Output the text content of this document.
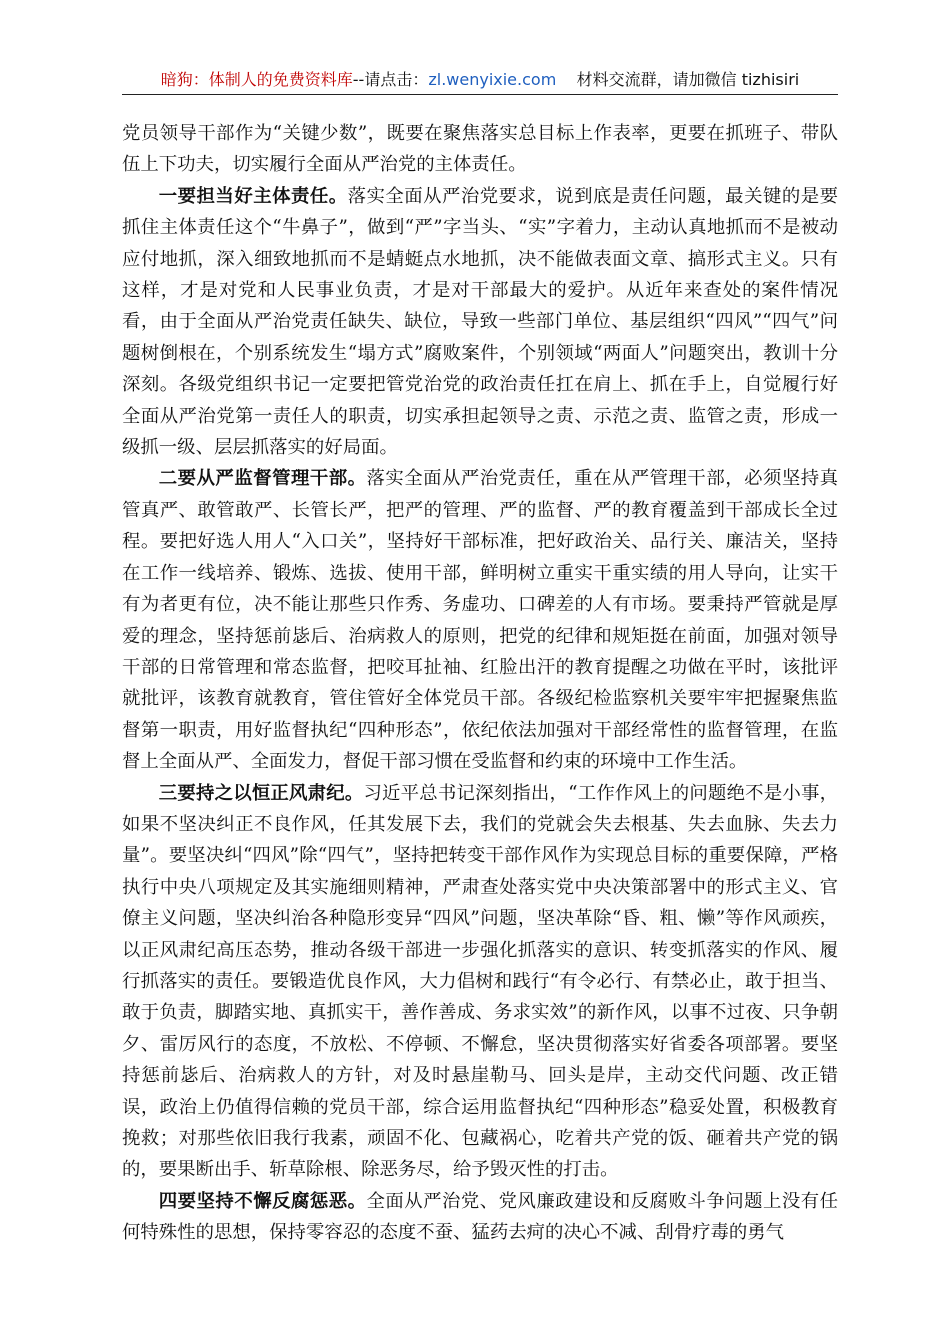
暗狗：体制人的免费资料库--请点击：zl.wenyixie.com 材料交流群，请加微信 tizhisiri

党员领导干部作为“关键少数”，既要在聚焦落实总目标上作表率，更要在抓班子、带队伍上下功夫，切实履行全面从严治党的主体责任。

一要担当好主体责任。落实全面从严治党要求，说到底是责任问题，最关键的是要抓住主体责任这个“牛鼻子”，做到“严”字当头、“实”字着力，主动认真地抓而不是被动应付地抓，深入细致地抓而不是蜻蜓点水地抓，决不能做表面文章、搞形式主义。只有这样，才是对党和人民事业负责，才是对干部最大的爱护。从近年来查处的案件情况看，由于全面从严治党责任缺失、缺位，导致一些部门单位、基层组织“四风”“四气”问题树倒根在，个别系统发生“塌方式”腐败案件，个别领域“两面人”问题突出，教训十分深刻。各级党组织书记一定要把管党治党的政治责任扛在肩上、抓在手上，自觉履行好全面从严治党第一责任人的职责，切实承担起领导之责、示范之责、监管之责，形成一级抓一级、层层抓落实的好局面。

二要从严监督管理干部。落实全面从严治党责任，重在从严管理干部，必须坚持真管真严、敢管敢严、长管长严，把严的管理、严的监督、严的教育覆盖到干部成长全过程。要把好选人用人“入口关”，坚持好干部标准，把好政治关、品行关、廉洁关，坚持在工作一线培养、锻炼、选拔、使用干部，鲜明树立重实干重实绩的用人导向，让实干有为者更有位，决不能让那些只作秀、务虚功、口碑差的人有市场。要秉持严管就是厚爱的理念，坚持惩前毖后、治病救人的原则，把党的纪律和规矩挺在前面，加强对领导干部的日常管理和常态监督，把咬耳扯袖、红脸出汗的教育提醒之功做在平时，该批评就批评，该教育就教育，管住管好全体党员干部。各级纪检监察机关要牢牢把握聚焦监督第一职责，用好监督执纪“四种形态”，依纪依法加强对干部经常性的监督管理，在监督上全面从严、全面发力，督促干部习惯在受监督和约束的环境中工作生活。

三要持之以恒正风肃纪。习近平总书记深刻指出，“工作作风上的问题绝不是小事，如果不坚决纠正不良作风，任其发展下去，我们的党就会失去根基、失去血脉、失去力量”。要坚决纠“四风”除“四气”，坚持把转变干部作风作为实现总目标的重要保障，严格执行中央八项规定及其实施细则精神，严肃查处落实党中央决策部署中的形式主义、官僚主义问题，坚决纠治各种隐形变异“四风”问题，坚决革除“昏、粗、懒”等作风顽疾，以正风肃纪高压态势，推动各级干部进一步强化抓落实的意识、转变抓落实的作风、履行抓落实的责任。要锻造优良作风，大力倡树和践行“有令必行、有禁必止，敢于担当、敢于负责，脚踏实地、真抓实干，善作善成、务求实效”的新作风，以事不过夜、只争朝夕、雷厉风行的态度，不放松、不停顿、不懈怠，坚决贯彻落实好省委各项部署。要坚持惩前毖后、治病救人的方针，对及时悬崖勒马、回头是岸，主动交代问题、改正错误，政治上仍值得信赖的党员干部，综合运用监督执纪“四种形态”稳妥处置，积极教育挽救；对那些依旧我行我素，顽固不化、包藏祸心，吃着共产党的饭、砸着共产党的锅的，要果断出手、斩草除根、除恶务尽，给予毁灭性的打击。

四要坚持不懈反腐惩恶。全面从严治党、党风廉政建设和反腐败斗争问题上没有任何特殊性的思想，保持零容忍的态度不蚕、猛药去疴的决心不减、刮骨疗毒的勇气
